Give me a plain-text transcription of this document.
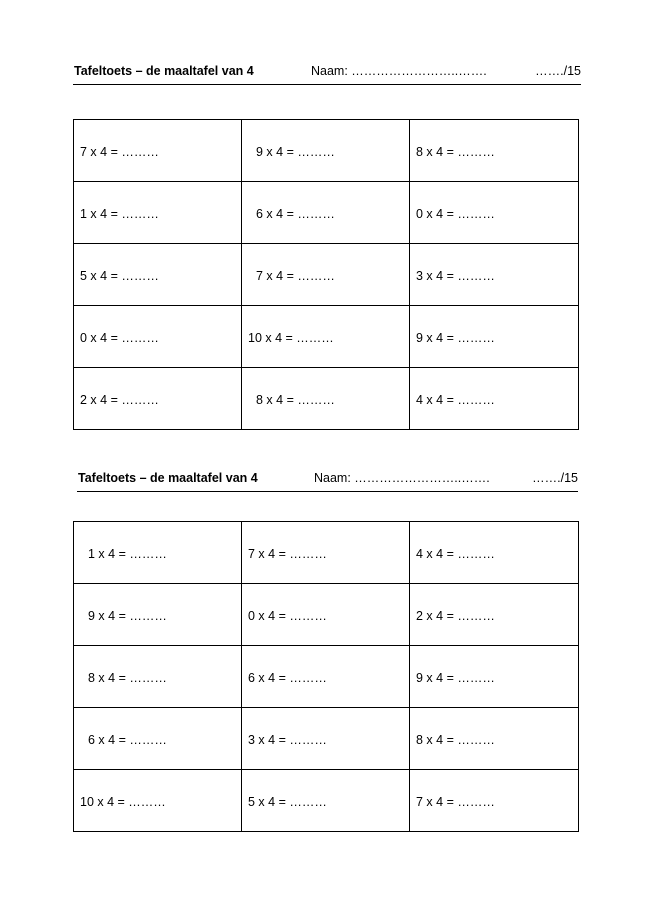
Tafeltoets – de maaltafel van 4	Naam: ……………………..…….	……./15
7 x 4 = ………	9 x 4 = ………	8 x 4 = ………
1 x 4 = ………	6 x 4 = ………	0 x 4 = ………
5 x 4 = ………	7 x 4 = ………	3 x 4 = ………
0 x 4 = ………	10 x 4 = ………	9 x 4 = ………
2 x 4 = ………	8 x 4 = ………	4 x 4 = ………
Tafeltoets – de maaltafel van 4	Naam: ……………………..…….	……./15
1 x 4 = ………	7 x 4 = ………	4 x 4 = ………
9 x 4 = ………	0 x 4 = ………	2 x 4 = ………
8 x 4 = ………	6 x 4 = ………	9 x 4 = ………
6 x 4 = ………	3 x 4 = ………	8 x 4 = ………
10 x 4 = ………	5 x 4 = ………	7 x 4 = ………
